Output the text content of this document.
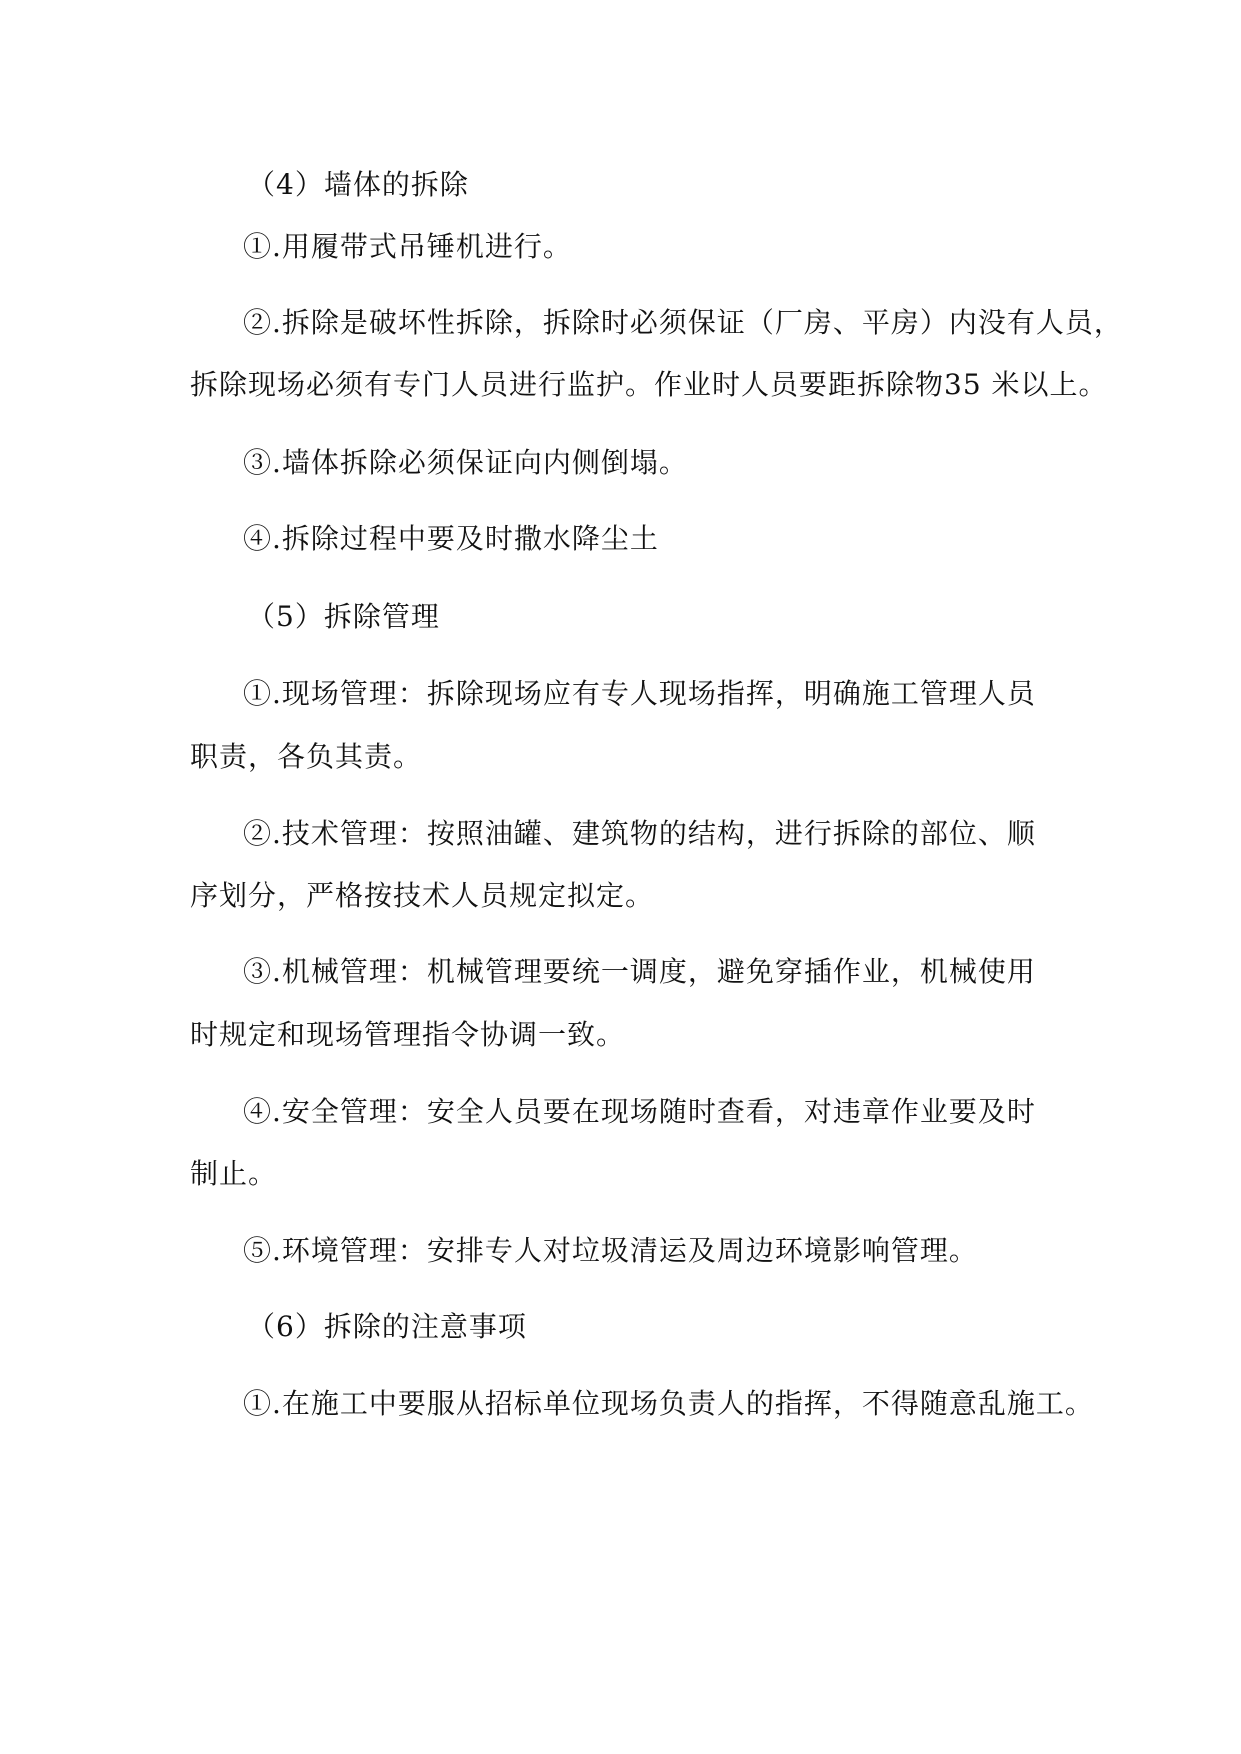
（4）墙体的拆除
①.用履带式吊锤机进行。
②.拆除是破坏性拆除，拆除时必须保证（厂房、平房）内没有人员，
拆除现场必须有专门人员进行监护。作业时人员要距拆除物35 米以上。
③.墙体拆除必须保证向内侧倒塌。
④.拆除过程中要及时撒水降尘土
（5）拆除管理
①.现场管理：拆除现场应有专人现场指挥，明确施工管理人员
职责，各负其责。
②.技术管理：按照油罐、建筑物的结构，进行拆除的部位、顺
序划分，严格按技术人员规定拟定。
③.机械管理：机械管理要统一调度，避免穿插作业，机械使用
时规定和现场管理指令协调一致。
④.安全管理：安全人员要在现场随时查看，对违章作业要及时
制止。
⑤.环境管理：安排专人对垃圾清运及周边环境影响管理。
（6）拆除的注意事项
①.在施工中要服从招标单位现场负责人的指挥，不得随意乱施工。
